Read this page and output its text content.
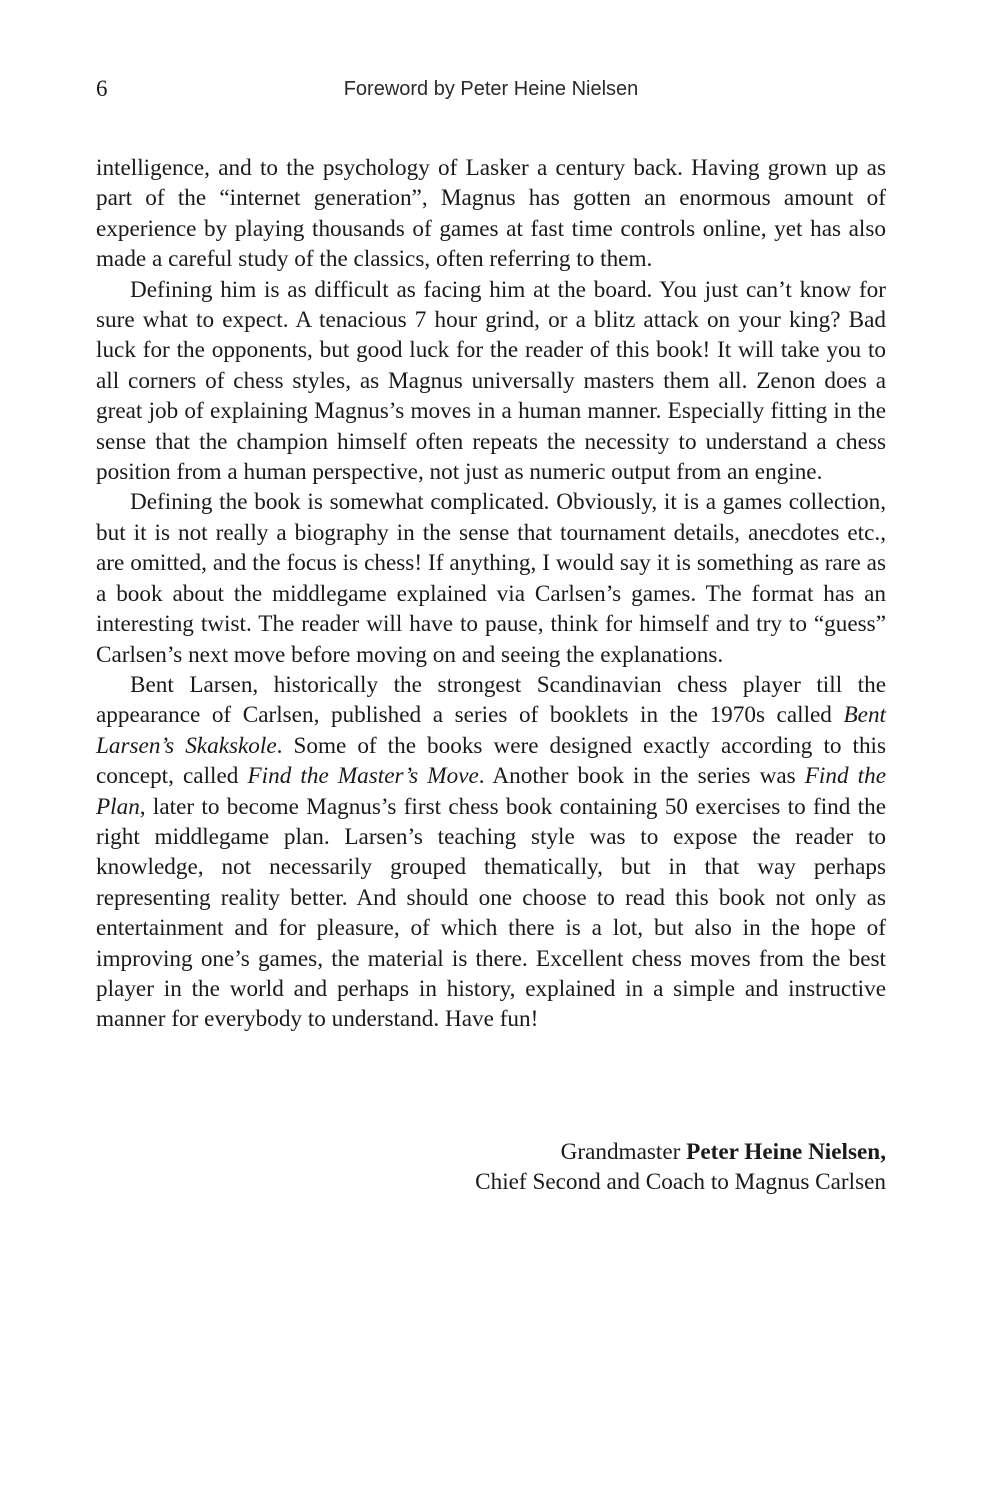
6	Foreword by Peter Heine Nielsen

intelligence, and to the psychology of Lasker a century back. Having grown up as part of the “internet generation”, Magnus has gotten an enormous amount of experience by playing thousands of games at fast time controls online, yet has also made a careful study of the classics, often referring to them.

Defining him is as difficult as facing him at the board. You just can’t know for sure what to expect. A tenacious 7 hour grind, or a blitz attack on your king? Bad luck for the opponents, but good luck for the reader of this book! It will take you to all corners of chess styles, as Magnus universally masters them all. Zenon does a great job of explaining Magnus’s moves in a human manner. Especially fitting in the sense that the champion himself often repeats the necessity to understand a chess position from a human perspective, not just as numeric output from an engine.

Defining the book is somewhat complicated. Obviously, it is a games collection, but it is not really a biography in the sense that tournament details, anecdotes etc., are omitted, and the focus is chess! If anything, I would say it is something as rare as a book about the middlegame explained via Carlsen’s games. The format has an interesting twist. The reader will have to pause, think for himself and try to “guess” Carlsen’s next move before moving on and seeing the explanations.

Bent Larsen, historically the strongest Scandinavian chess player till the appearance of Carlsen, published a series of booklets in the 1970s called Bent Larsen’s Skakskole. Some of the books were designed exactly according to this concept, called Find the Master’s Move. Another book in the series was Find the Plan, later to become Magnus’s first chess book containing 50 exercises to find the right middlegame plan. Larsen’s teaching style was to expose the reader to knowledge, not necessarily grouped thematically, but in that way perhaps representing reality better. And should one choose to read this book not only as entertainment and for pleasure, of which there is a lot, but also in the hope of improving one’s games, the material is there. Excellent chess moves from the best player in the world and perhaps in history, explained in a simple and instructive manner for everybody to understand. Have fun!

Grandmaster Peter Heine Nielsen,
Chief Second and Coach to Magnus Carlsen
